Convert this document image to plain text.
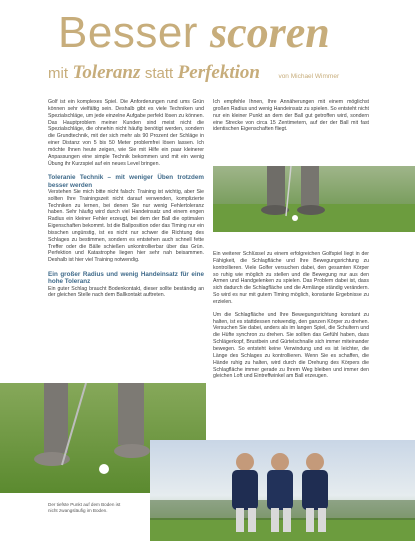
Besser scoren
mit Toleranz statt Perfektion	von Michael Wimmer

Golf ist ein komplexes Spiel. Die Anforderungen rund ums Grün können sehr vielfältig sein. Deshalb gibt es viele Techniken und Spezialschläge, um jede einzelne Aufgabe perfekt lösen zu können. Das Hauptproblem meiner Kunden sind meist nicht die Spezialschläge, die ohnehin nicht häufig benötigt werden, sondern die Grundtechnik, mit der sich mehr als 90 Prozent der Schläge in einer Distanz von 5 bis 50 Meter problemfrei lösen lassen. Ich möchte Ihnen heute zeigen, wie Sie mit Hilfe ein paar kleinerer Anpassungen eine simple Technik bekommen und mit ein wenig Übung ihr Kurzspiel auf ein neues Level bringen.

Toleranie Technik – mit weniger Üben trotzdem besser werden

Verstehen Sie mich bitte nicht falsch: Training ist wichtig, aber Sie sollten Ihre Trainingszeit nicht darauf verwenden, komplizierte Techniken zu lernen, bei denen Sie nur wenig Fehlertoleranz haben. Sehr häufig wird durch viel Handeinsatz und einem engen Radius ein kleiner Fehler erzeugt, bei dem der Ball die optimalen Eigenschaften bekommt. Ist die Ballposition oder das Timing nur ein bisschen ungünstig, ist es nicht nur schwer die Richtung des Schlages zu bestimmen, sondern es entstehen auch schnell fette Treffer oder die Bälle schießen unkontrollierbar über das Grün. Perfektion und Katastrophe liegen hier sehr nah beisammen. Deshalb ist hier viel Training notwendig.

Ein großer Radius und wenig Handeinsatz für eine hohe Toleranz

Ein guter Schlag braucht Bodenkontakt, dieser sollte beständig an der gleichen Stelle nach dem Ballkontakt auftreten.

Ich empfehle Ihnen, Ihre Annäherungen mit einem möglichst großen Radius und wenig Handeinsatz zu spielen. So entsteht nicht nur ein kleiner Punkt an dem der Ball gut getroffen wird, sondern eine Strecke von circa 15 Zentimetern, auf der der Ball mit fast identischen Eigenschaften fliegt.

Ein weiterer Schlüssel zu einem erfolgreichen Golfspiel liegt in der Fähigkeit, die Schlagfläche und Ihre Bewegungsrichtung zu kontrollieren. Viele Golfer versuchen dabei, den gesamten Körper so ruhig wie möglich zu stellen und die Bewegung nur aus den Armen und Handgelenken zu spielen. Das Problem dabei ist, dass sich dadurch die Schlagfläche und die Armlänge ständig verändern. So wird es nur mit gutem Timing möglich, konstante Ergebnisse zu erzielen.

Um die Schlagfläche und Ihre Bewegungsrichtung konstant zu halten, ist es stattdessen notwendig, den ganzen Körper zu drehen. Versuchen Sie dabei, anders als im langen Spiel, die Schultern und die Hüfte synchron zu drehen. Sie sollten das Gefühl haben, dass Schlägerkopf, Brustbein und Gürtelschnalle sich immer miteinander bewegen. So entsteht keine Verwindung und es ist leichter, die Länge des Schlages zu kontrollieren. Wenn Sie es schaffen, die Hände ruhig zu halten, wird durch die Drehung des Körpers die Schlagfläche immer gerade zu Ihrem Weg bleiben und immer den gleichen Loft und Eintreffwinkel am Ball erzeugen.

Der tiefste Punkt auf dem Boden ist nicht zwangsläufig im Boden.
